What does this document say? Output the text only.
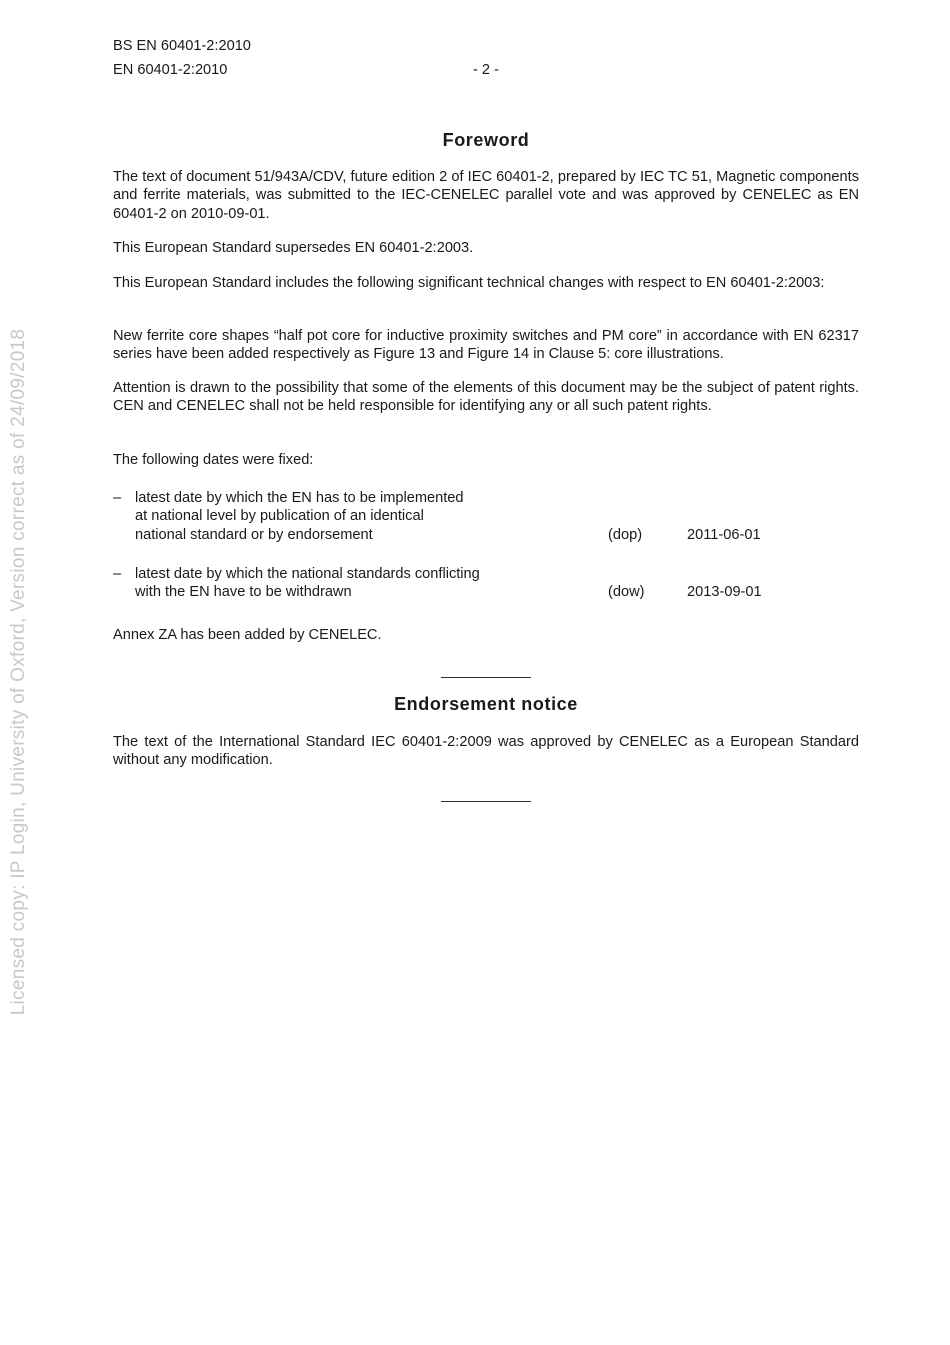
Licensed copy: IP Login, University of Oxford, Version correct as of 24/09/2018
BS EN 60401-2:2010
EN 60401-2:2010	- 2 -
Foreword

The text of document 51/943A/CDV, future edition 2 of IEC 60401-2, prepared by IEC TC 51, Magnetic components and ferrite materials, was submitted to the IEC-CENELEC parallel vote and was approved by CENELEC as EN 60401-2 on 2010-09-01.

This European Standard supersedes EN 60401-2:2003.

This European Standard includes the following significant technical changes with respect to EN 60401-2:2003:

New ferrite core shapes “half pot core for inductive proximity switches and PM core” in accordance with EN 62317 series have been added respectively as Figure 13 and Figure 14 in Clause 5: core illustrations.

Attention is drawn to the possibility that some of the elements of this document may be the subject of patent rights. CEN and CENELEC shall not be held responsible for identifying any or all such patent rights.

The following dates were fixed:

– latest date by which the EN has to be implemented
at national level by publication of an identical
national standard or by endorsement	(dop)	2011-06-01
– latest date by which the national standards conflicting
with the EN have to be withdrawn	(dow)	2013-09-01

Annex ZA has been added by CENELEC.

Endorsement notice

The text of the International Standard IEC 60401-2:2009 was approved by CENELEC as a European Standard without any modification.
